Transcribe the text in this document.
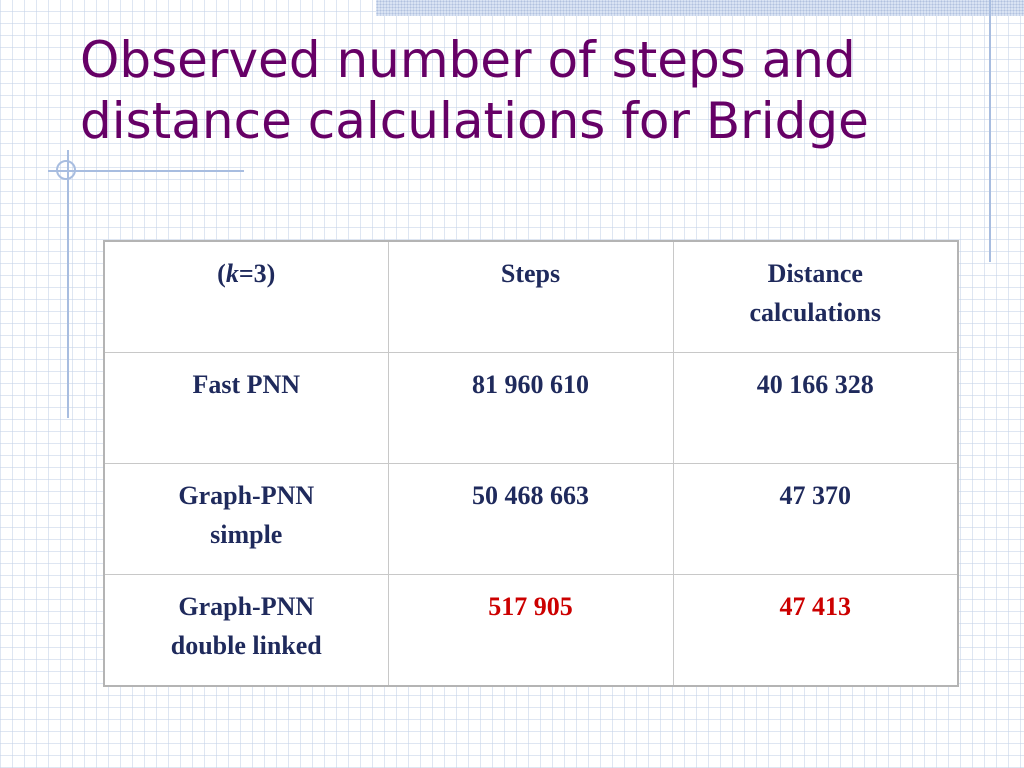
Observed number of steps and distance calculations for Bridge
(k=3)	Steps	Distance
calculations
Fast PNN	81 960 610	40 166 328
Graph-PNN
simple	50 468 663	47 370
Graph-PNN
double linked	517 905	47 413
